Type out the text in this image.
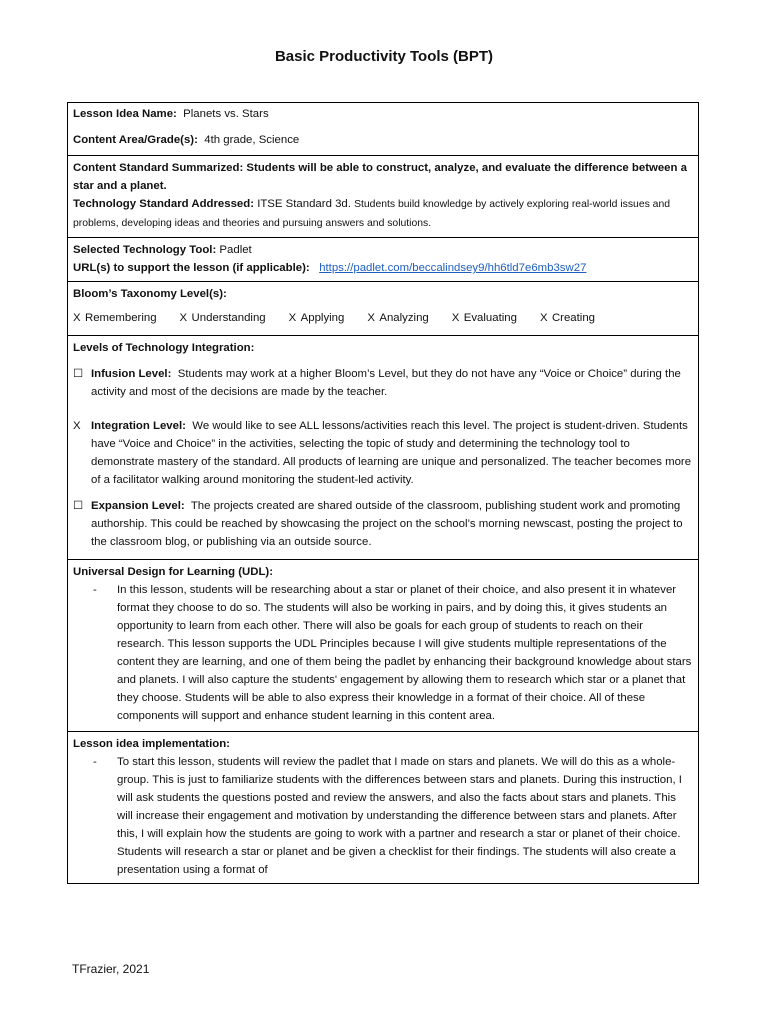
Basic Productivity Tools (BPT)
Lesson Idea Name: Planets vs. Stars
Content Area/Grade(s): 4th grade, Science

Content Standard Summarized: Students will be able to construct, analyze, and evaluate the difference between a star and a planet.
Technology Standard Addressed: ITSE Standard 3d. Students build knowledge by actively exploring real-world issues and problems, developing ideas and theories and pursuing answers and solutions.

Selected Technology Tool: Padlet
URL(s) to support the lesson (if applicable): https://padlet.com/beccalindsey9/hh6tld7e6mb3sw27

Bloom’s Taxonomy Level(s):
X Remembering X Understanding X Applying X Analyzing X Evaluating X Creating

Levels of Technology Integration:
☐ Infusion Level: Students may work at a higher Bloom’s Level, but they do not have any “Voice or Choice” during the activity and most of the decisions are made by the teacher.
X Integration Level: We would like to see ALL lessons/activities reach this level. The project is student-driven. Students have “Voice and Choice” in the activities, selecting the topic of study and determining the technology tool to demonstrate mastery of the standard. All products of learning are unique and personalized. The teacher becomes more of a facilitator walking around monitoring the student-led activity.
☐ Expansion Level: The projects created are shared outside of the classroom, publishing student work and promoting authorship. This could be reached by showcasing the project on the school’s morning newscast, posting the project to the classroom blog, or publishing via an outside source.

Universal Design for Learning (UDL):
-	In this lesson, students will be researching about a star or planet of their choice, and also present it in whatever format they choose to do so. The students will also be working in pairs, and by doing this, it gives students an opportunity to learn from each other. There will also be goals for each group of students to reach on their research. This lesson supports the UDL Principles because I will give students multiple representations of the content they are learning, and one of them being the padlet by enhancing their background knowledge about stars and planets. I will also capture the students' engagement by allowing them to research which star or a planet that they choose. Students will be able to also express their knowledge in a format of their choice. All of these components will support and enhance student learning in this content area.

Lesson idea implementation:
-	To start this lesson, students will review the padlet that I made on stars and planets. We will do this as a whole-group. This is just to familiarize students with the differences between stars and planets. During this instruction, I will ask students the questions posted and review the answers, and also the facts about stars and planets. This will increase their engagement and motivation by understanding the difference between stars and planets. After this, I will explain how the students are going to work with a partner and research a star or planet of their choice. Students will research a star or planet and be given a checklist for their findings. The students will also create a presentation using a format of
TFrazier, 2021
